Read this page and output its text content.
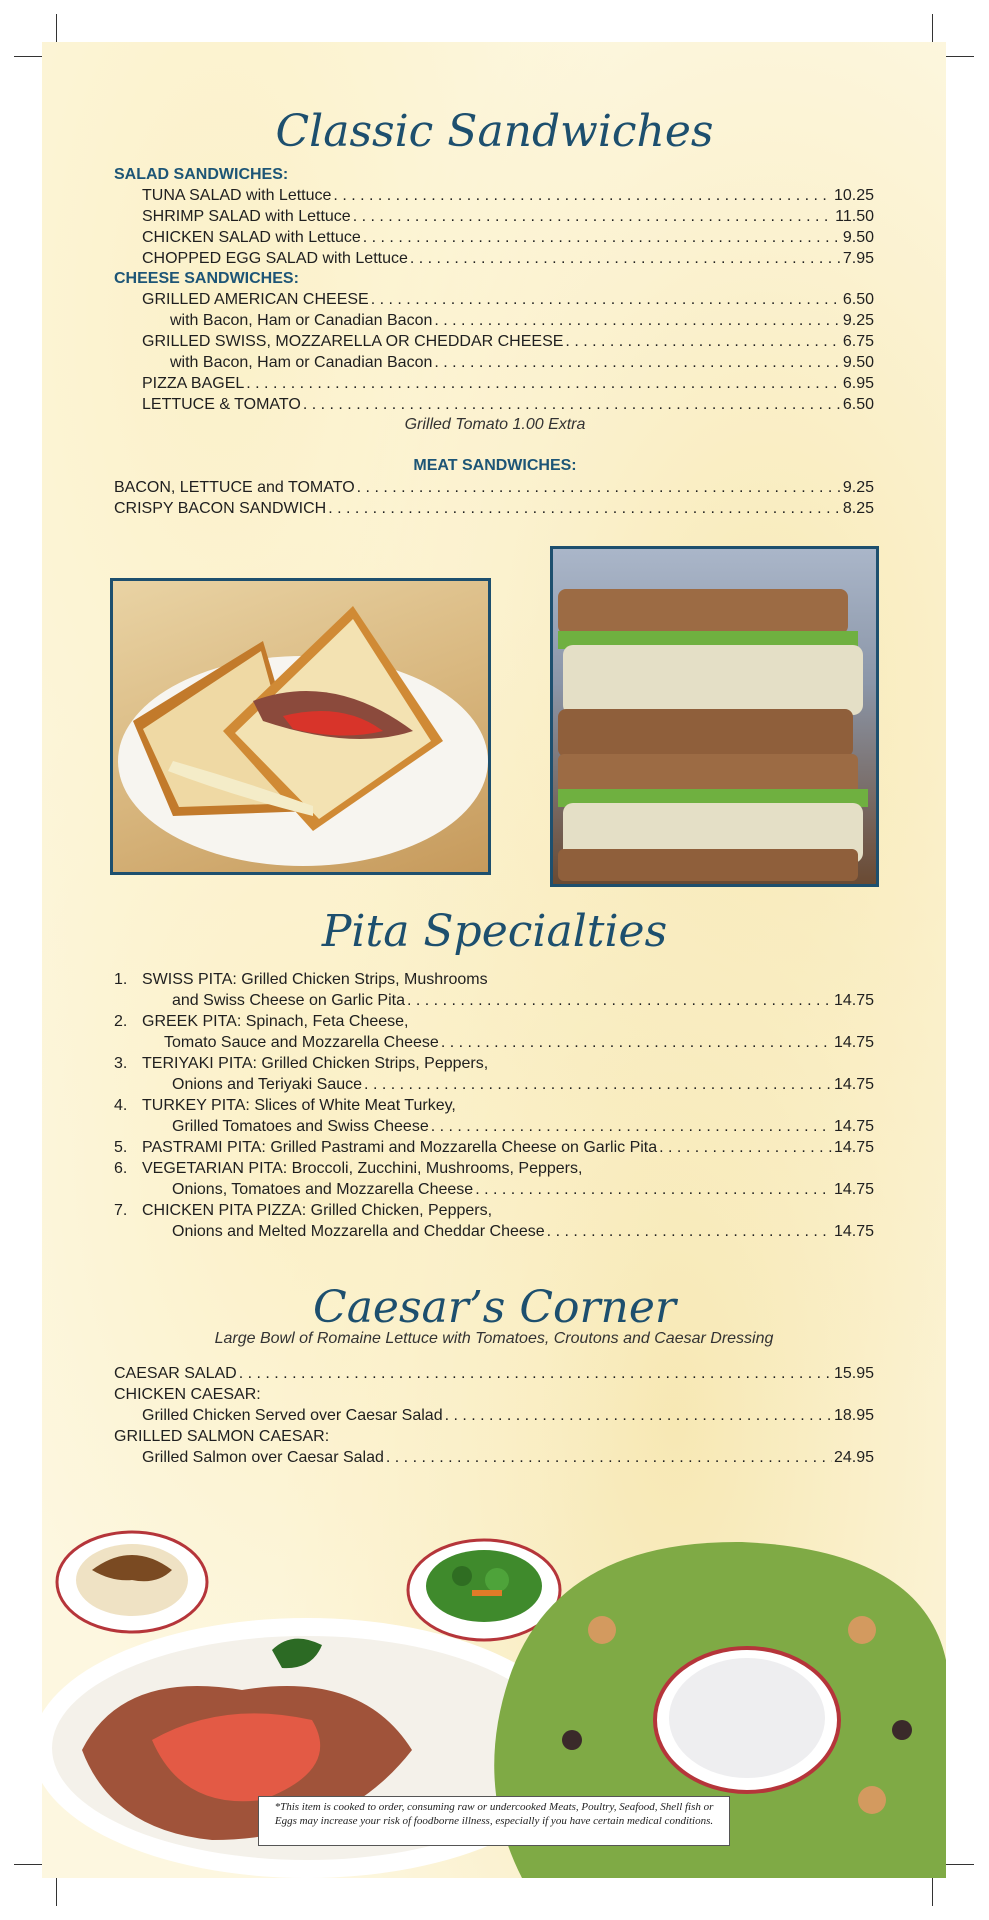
Classic Sandwiches
SALAD SANDWICHES:
TUNA SALAD with Lettuce . . .	10.25
SHRIMP SALAD with Lettuce . . .	11.50
CHICKEN SALAD with Lettuce . . .	9.50
CHOPPED EGG SALAD with Lettuce . . .	7.95
CHEESE SANDWICHES:
GRILLED AMERICAN CHEESE . . .	6.50
with Bacon, Ham or Canadian Bacon . . .	9.25
GRILLED SWISS, MOZZARELLA OR CHEDDAR CHEESE . . .	6.75
with Bacon, Ham or Canadian Bacon . . .	9.50
PIZZA BAGEL . . .	6.95
LETTUCE & TOMATO . . .	6.50
Grilled Tomato 1.00 Extra
MEAT SANDWICHES:
BACON, LETTUCE and TOMATO . . .	9.25
CRISPY BACON SANDWICH . . .	8.25
Pita Specialties
1. SWISS PITA: Grilled Chicken Strips, Mushrooms
and Swiss Cheese on Garlic Pita . . .	14.75
2. GREEK PITA: Spinach, Feta Cheese,
Tomato Sauce and Mozzarella Cheese . . .	14.75
3. TERIYAKI PITA: Grilled Chicken Strips, Peppers,
Onions and Teriyaki Sauce . . .	14.75
4. TURKEY PITA: Slices of White Meat Turkey,
Grilled Tomatoes and Swiss Cheese . . .	14.75
5. PASTRAMI PITA: Grilled Pastrami and Mozzarella Cheese on Garlic Pita . . .	14.75
6. VEGETARIAN PITA: Broccoli, Zucchini, Mushrooms, Peppers,
Onions, Tomatoes and Mozzarella Cheese . . .	14.75
7. CHICKEN PITA PIZZA: Grilled Chicken, Peppers,
Onions and Melted Mozzarella and Cheddar Cheese . . .	14.75
Caesar’s Corner
Large Bowl of Romaine Lettuce with Tomatoes, Croutons and Caesar Dressing
CAESAR SALAD . . .	15.95
CHICKEN CAESAR:
Grilled Chicken Served over Caesar Salad . . .	18.95
GRILLED SALMON CAESAR:
Grilled Salmon over Caesar Salad . . .	24.95
*This item is cooked to order, consuming raw or undercooked Meats, Poultry, Seafood, Shell fish or Eggs may increase your risk of foodborne illness, especially if you have certain medical conditions.
